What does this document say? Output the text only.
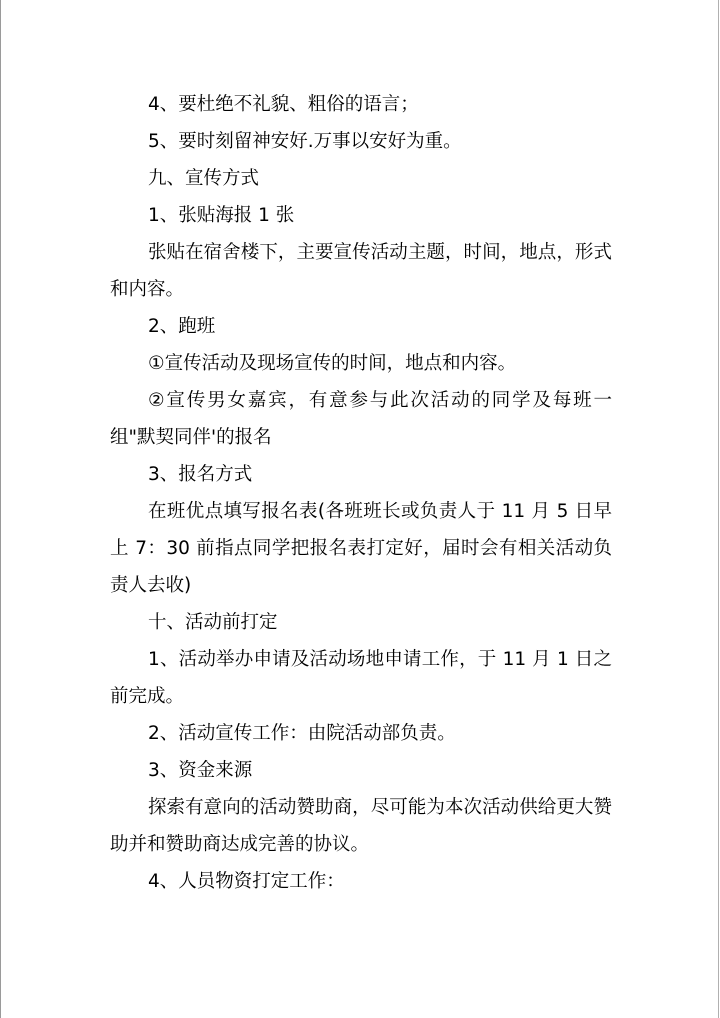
4、要杜绝不礼貌、粗俗的语言；

5、要时刻留神安好.万事以安好为重。

九、宣传方式

1、张贴海报 1 张

张贴在宿舍楼下，主要宣传活动主题，时间，地点，形式和内容。

2、跑班

①宣传活动及现场宣传的时间，地点和内容。

②宣传男女嘉宾，有意参与此次活动的同学及每班一组"默契同伴'的报名

3、报名方式

在班优点填写报名表(各班班长或负责人于 11 月 5 日早上 7：30 前指点同学把报名表打定好，届时会有相关活动负责人去收)

十、活动前打定

1、活动举办申请及活动场地申请工作，于 11 月 1 日之前完成。

2、活动宣传工作：由院活动部负责。

3、资金来源

探索有意向的活动赞助商，尽可能为本次活动供给更大赞助并和赞助商达成完善的协议。

4、人员物资打定工作：
